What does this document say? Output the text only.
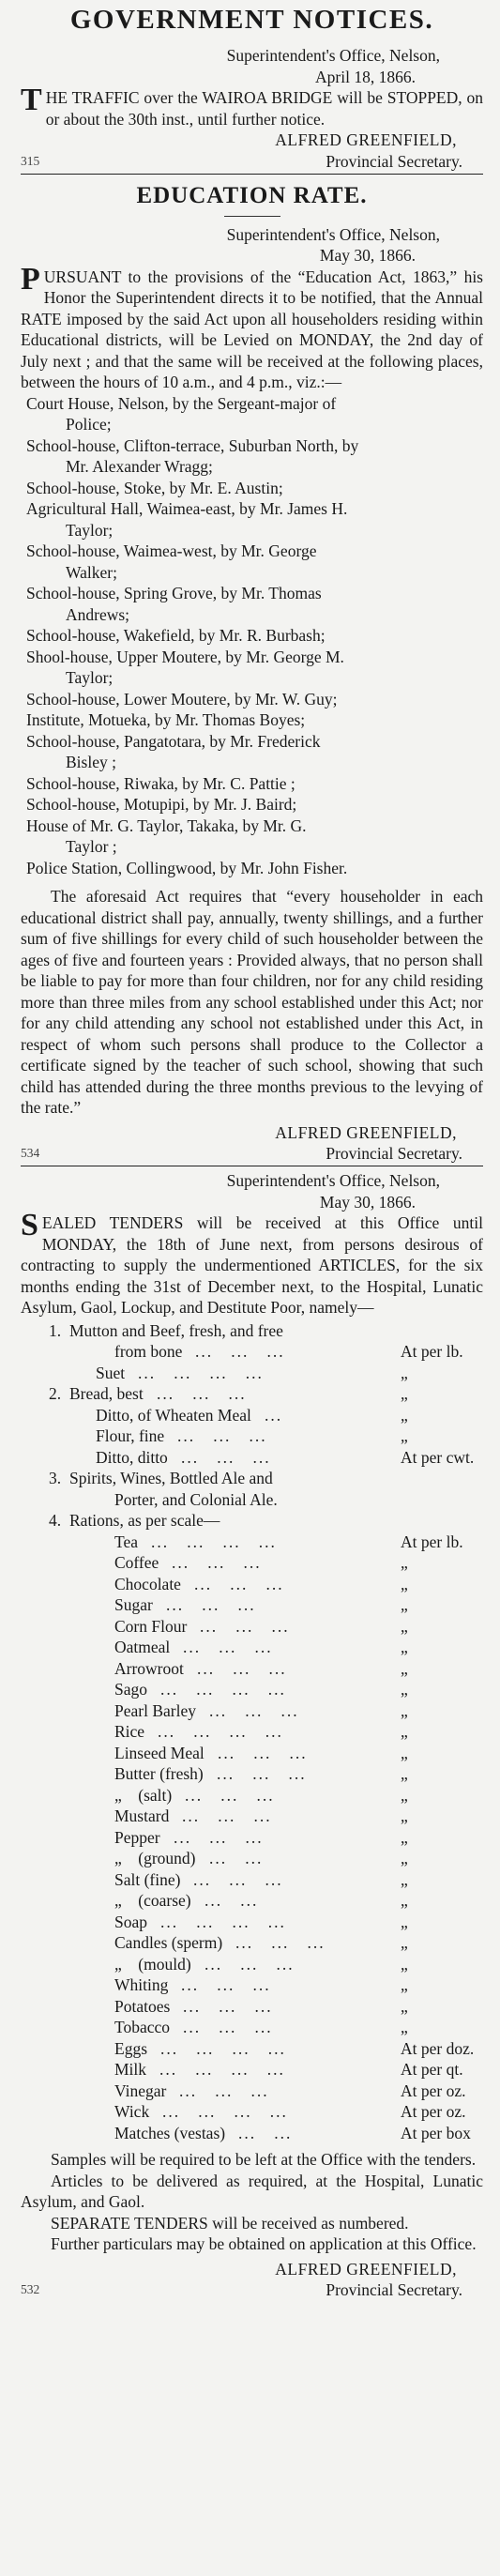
GOVERNMENT NOTICES.
Superintendent's Office, Nelson,
April 18, 1866.

THE TRAFFIC over the WAIROA BRIDGE will be STOPPED, on or about the 30th inst., until further notice.

ALFRED GREENFIELD,
315	Provincial Secretary.
EDUCATION RATE.
Superintendent's Office, Nelson,
May 30, 1866.

PURSUANT to the provisions of the “Education Act, 1863,” his Honor the Superintendent directs it to be notified, that the Annual RATE imposed by the said Act upon all householders residing within Educational districts, will be Levied on MONDAY, the 2nd day of July next ; and that the same will be received at the following places, between the hours of 10 a.m., and 4 p.m., viz.:—

Court House, Nelson, by the Sergeant-major of
Police;
School-house, Clifton-terrace, Suburban North, by
Mr. Alexander Wragg;
School-house, Stoke, by Mr. E. Austin;
Agricultural Hall, Waimea-east, by Mr. James H.
Taylor;
School-house, Waimea-west, by Mr. George
Walker;
School-house, Spring Grove, by Mr. Thomas
Andrews;
School-house, Wakefield, by Mr. R. Burbash;
Shool-house, Upper Moutere, by Mr. George M.
Taylor;
School-house, Lower Moutere, by Mr. W. Guy;
Institute, Motueka, by Mr. Thomas Boyes;
School-house, Pangatotara, by Mr. Frederick
Bisley ;
School-house, Riwaka, by Mr. C. Pattie ;
School-house, Motupipi, by Mr. J. Baird;
House of Mr. G. Taylor, Takaka, by Mr. G.
Taylor ;
Police Station, Collingwood, by Mr. John Fisher.

The aforesaid Act requires that “every householder in each educational district shall pay, annually, twenty shillings, and a further sum of five shillings for every child of such householder between the ages of five and fourteen years : Provided always, that no person shall be liable to pay for more than four children, nor for any child residing more than three miles from any school established under this Act; nor for any child attending any school not established under this Act, in respect of whom such persons shall produce to the Collector a certificate signed by the teacher of such school, showing that such child has attended during the three months previous to the levying of the rate.”

ALFRED GREENFIELD,
534	Provincial Secretary.
Superintendent's Office, Nelson,
May 30, 1866.

SEALED TENDERS will be received at this Office until MONDAY, the 18th of June next, from persons desirous of contracting to supply the undermentioned ARTICLES, for the six months ending the 31st of December next, to the Hospital, Lunatic Asylum, Gaol, Lockup, and Destitute Poor, namely—

1. Mutton and Beef, fresh, and free
from bone ...   ...   ...	At per lb.
Suet ...   ...   ...   ...	„
2. Bread, best ...   ...   ...	„
Ditto, of Wheaten Meal ...	„
Flour, fine ...   ...   ...	„
Ditto, ditto ...   ...   ...	At per cwt.
3. Spirits, Wines, Bottled Ale and
Porter, and Colonial Ale.
4. Rations, as per scale—
Tea ...   ...   ...   ...	At per lb.
Coffee ...   ...   ...	„
Chocolate ...   ...   ...	„
Sugar ...   ...   ...	„
Corn Flour ...   ...   ...	„
Oatmeal ...   ...   ...	„
Arrowroot ...   ...   ...	„
Sago ...   ...   ...   ...	„
Pearl Barley ...   ...   ...	„
Rice ...   ...   ...   ...	„
Linseed Meal ...   ...   ...	„
Butter (fresh) ...   ...   ...	„
„    (salt) ...   ...   ...	„
Mustard ...   ...   ...	„
Pepper ...   ...   ...	„
„    (ground) ...   ...	„
Salt (fine) ...   ...   ...	„
„    (coarse) ...   ...	„
Soap ...   ...   ...   ...	„
Candles (sperm) ...   ...   ...	„
„    (mould) ...   ...   ...	„
Whiting ...   ...   ...	„
Potatoes ...   ...   ...	„
Tobacco ...   ...   ...	„
Eggs ...   ...   ...   ...	At per doz.
Milk ...   ...   ...   ...	At per qt.
Vinegar ...   ...   ...	At per oz.
Wick ...   ...   ...   ...	At per oz.
Matches (vestas) ...   ...	At per box

Samples will be required to be left at the Office with the tenders.

Articles to be delivered as required, at the Hospital, Lunatic Asylum, and Gaol.

SEPARATE TENDERS will be received as numbered.

Further particulars may be obtained on application at this Office.

ALFRED GREENFIELD,
532	Provincial Secretary.
